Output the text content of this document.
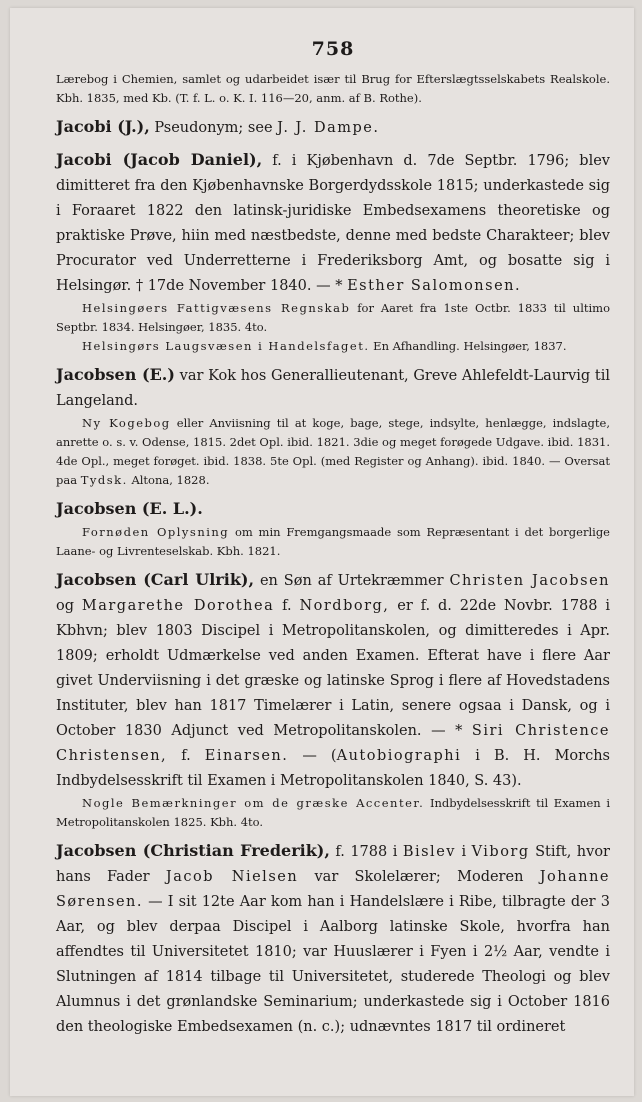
758

Lærebog i Chemien, samlet og udarbeidet især til Brug for Efterslægtsselskabets Realskole. Kbh. 1835, med Kb. (T. f. L. o. K. I. 116—20, anm. af B. Rothe).

Jacobi (J.), Pseudonym; see J. J. Dampe.

Jacobi (Jacob Daniel), f. i Kjøbenhavn d. 7de Septbr. 1796; blev dimitteret fra den Kjøbenhavnske Borgerdydsskole 1815; underkastede sig i Foraaret 1822 den latinsk-juridiske Embedsexamens theoretiske og praktiske Prøve, hiin med næstbedste, denne med bedste Charakteer; blev Procurator ved Underretterne i Frederiksborg Amt, og bosatte sig i Helsingør. † 17de November 1840. — * Esther Salomonsen.

Helsingøers Fattigvæsens Regnskab for Aaret fra 1ste Octbr. 1833 til ultimo Septbr. 1834. Helsingøer, 1835. 4to.

Helsingørs Laugsvæsen i Handelsfaget. En Afhandling. Helsingøer, 1837.

Jacobsen (E.) var Kok hos Generallieutenant, Greve Ahlefeldt-Laurvig til Langeland.

Ny Kogebog eller Anviisning til at koge, bage, stege, indsylte, henlægge, indslagte, anrette o. s. v. Odense, 1815. 2det Opl. ibid. 1821. 3die og meget forøgede Udgave. ibid. 1831. 4de Opl., meget forøget. ibid. 1838. 5te Opl. (med Register og Anhang). ibid. 1840. — Oversat paa Tydsk. Altona, 1828.

Jacobsen (E. L.).

Fornøden Oplysning om min Fremgangsmaade som Repræsentant i det borgerlige Laane- og Livrenteselskab. Kbh. 1821.

Jacobsen (Carl Ulrik), en Søn af Urtekræmmer Christen Jacobsen og Margarethe Dorothea f. Nordborg, er f. d. 22de Novbr. 1788 i Kbhvn; blev 1803 Discipel i Metropolitanskolen, og dimitteredes i Apr. 1809; erholdt Udmærkelse ved anden Examen. Efterat have i flere Aar givet Underviisning i det græske og latinske Sprog i flere af Hovedstadens Instituter, blev han 1817 Timelærer i Latin, senere ogsaa i Dansk, og i October 1830 Adjunct ved Metropolitanskolen. — * Siri Christence Christensen, f. Einarsen. — (Autobiographi i B. H. Morchs Indbydelsesskrift til Examen i Metropolitanskolen 1840, S. 43).

Nogle Bemærkninger om de græske Accenter. Indbydelsesskrift til Examen i Metropolitanskolen 1825. Kbh. 4to.

Jacobsen (Christian Frederik), f. 1788 i Bislev i Viborg Stift, hvor hans Fader Jacob Nielsen var Skolelærer; Moderen Johanne Sørensen. — I sit 12te Aar kom han i Handelslære i Ribe, tilbragte der 3 Aar, og blev derpaa Discipel i Aalborg latinske Skole, hvorfra han affendtes til Universitetet 1810; var Huuslærer i Fyen i 2½ Aar, vendte i Slutningen af 1814 tilbage til Universitetet, studerede Theologi og blev Alumnus i det grønlandske Seminarium; underkastede sig i October 1816 den theologiske Embedsexamen (n. c.); udnævntes 1817 til ordineret
